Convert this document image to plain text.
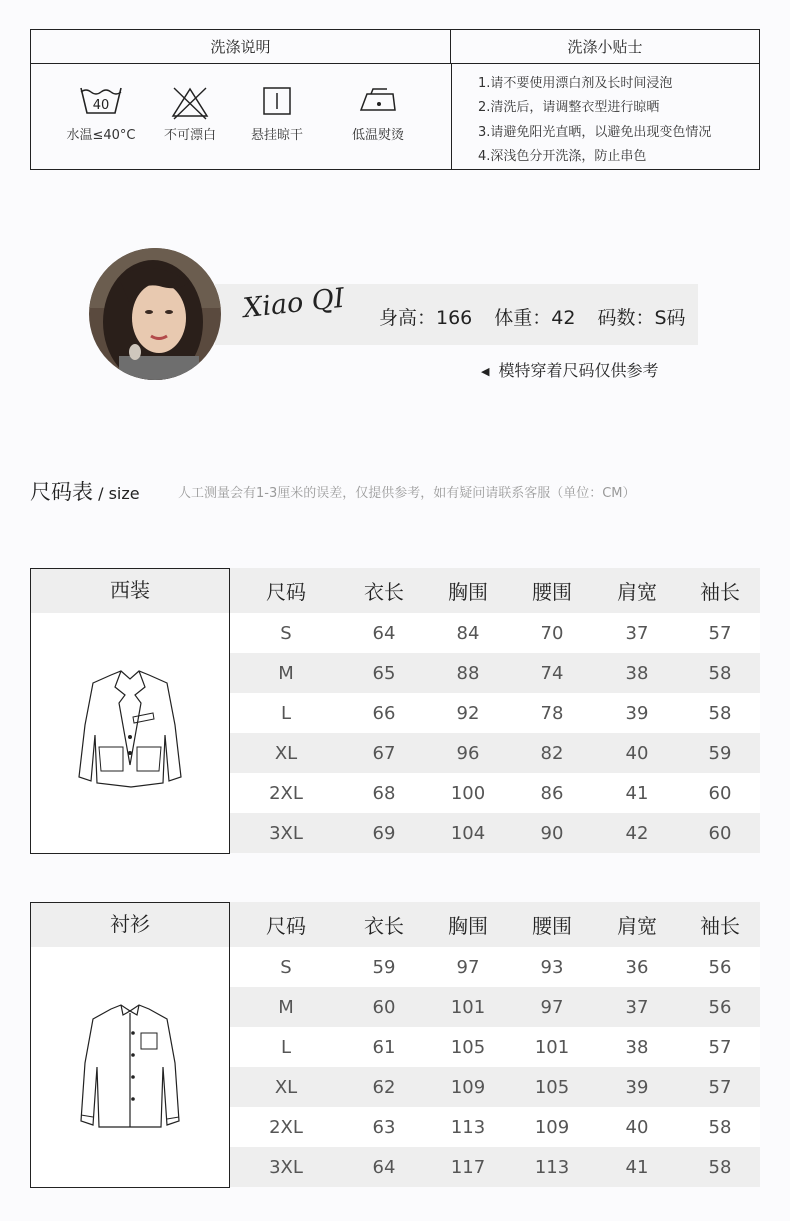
洗涤说明	洗涤小贴士
40
水温≤40°C	不可漂白	悬挂晾干	低温熨烫
1.请不要使用漂白剂及长时间浸泡
2.清洗后，请调整衣型进行晾晒
3.请避免阳光直晒，以避免出现变色情况
4.深浅色分开洗涤，防止串色
Xiao QI 身高：166 体重：42 码数：S码
◀ 模特穿着尺码仅供参考
尺码表 / size	人工测量会有1-3厘米的误差，仅提供参考，如有疑问请联系客服（单位：CM）
西装	尺码	衣长	胸围	腰围	肩宽	袖长
S	64	84	70	37	57
M	65	88	74	38	58
L	66	92	78	39	58
XL	67	96	82	40	59
2XL	68	100	86	41	60
3XL	69	104	90	42	60
衬衫	尺码	衣长	胸围	腰围	肩宽	袖长
S	59	97	93	36	56
M	60	101	97	37	56
L	61	105	101	38	57
XL	62	109	105	39	57
2XL	63	113	109	40	58
3XL	64	117	113	41	58
